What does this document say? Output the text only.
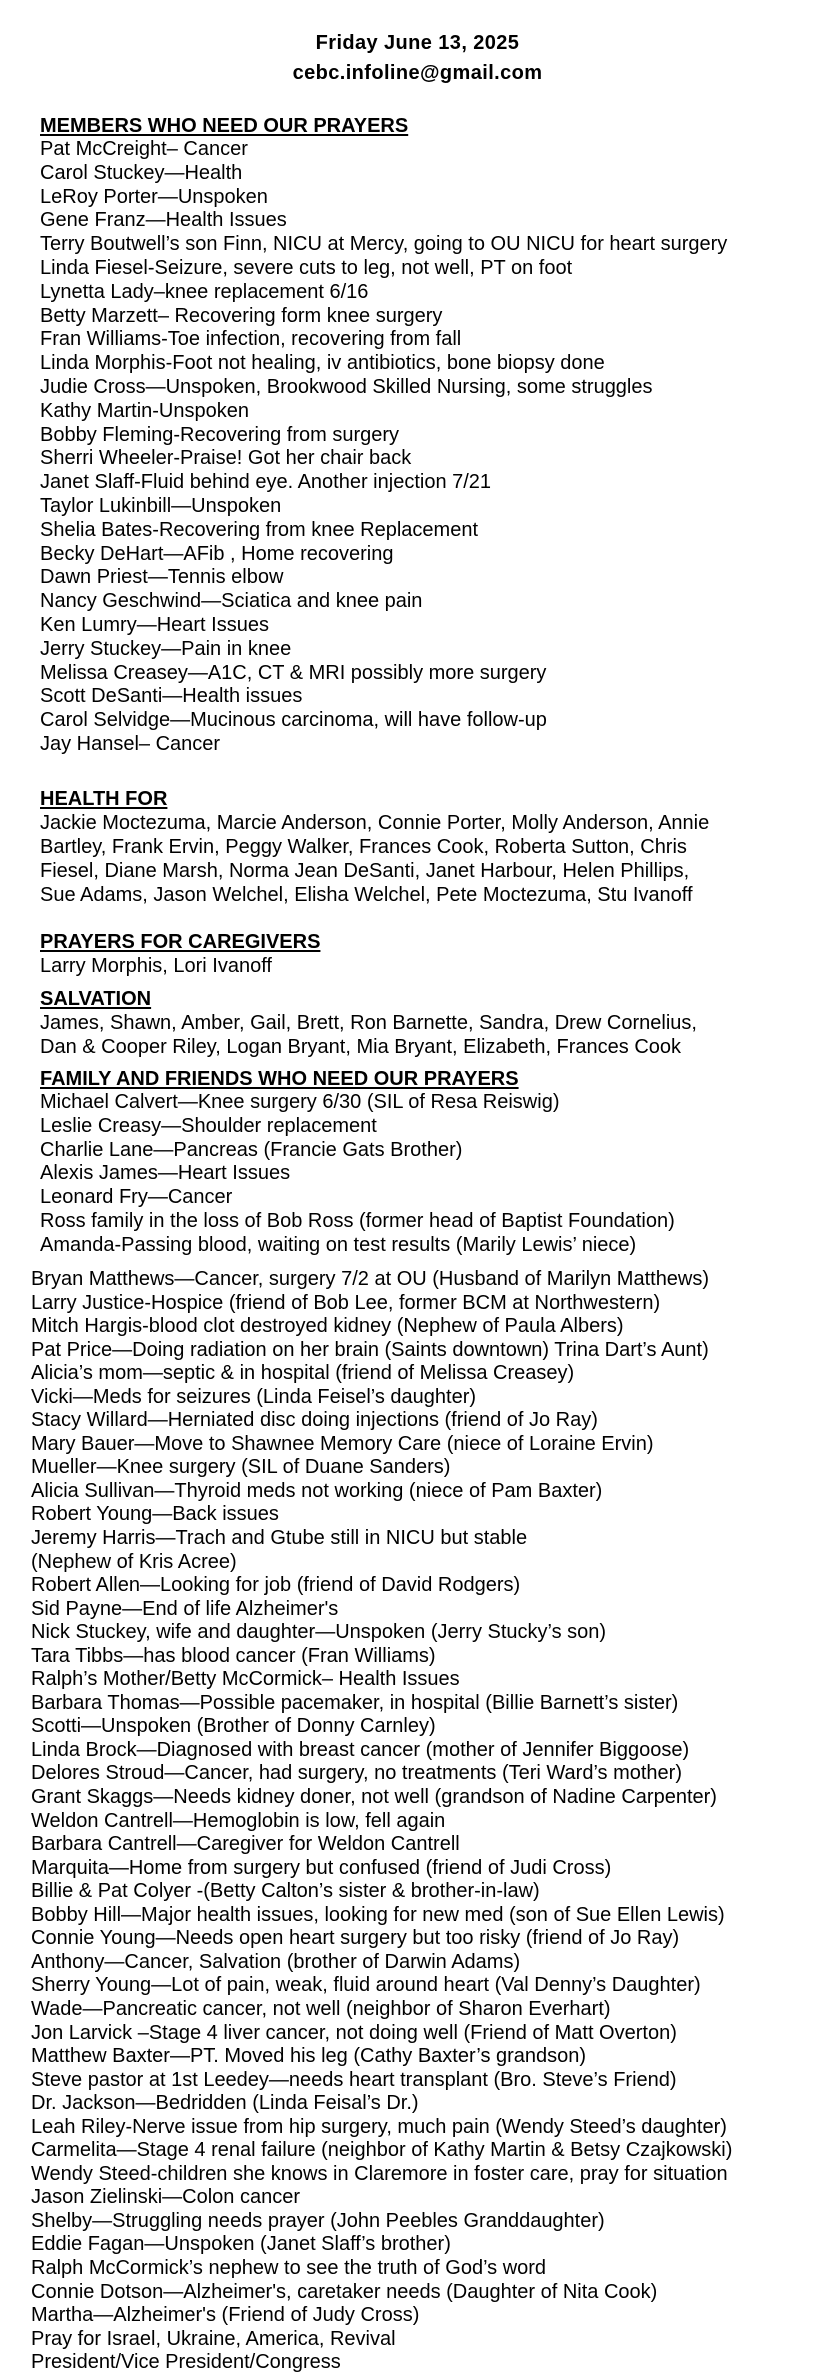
Friday June 13, 2025
cebc.infoline@gmail.com
MEMBERS WHO NEED OUR PRAYERS
Pat McCreight– Cancer
Carol Stuckey—Health
LeRoy Porter—Unspoken
Gene Franz—Health Issues
Terry Boutwell’s son Finn, NICU at Mercy, going to OU NICU for heart surgery
Linda Fiesel-Seizure, severe cuts to leg, not well, PT on foot
Lynetta Lady–knee replacement 6/16
Betty Marzett– Recovering form knee surgery
Fran Williams-Toe infection, recovering from fall
Linda Morphis-Foot not healing, iv antibiotics, bone biopsy done
Judie Cross—Unspoken, Brookwood Skilled Nursing, some struggles
Kathy Martin-Unspoken
Bobby Fleming-Recovering from surgery
Sherri Wheeler-Praise! Got her chair back
Janet Slaff-Fluid behind eye. Another injection 7/21
Taylor Lukinbill—Unspoken
Shelia Bates-Recovering from knee Replacement
Becky DeHart—AFib , Home recovering
Dawn Priest—Tennis elbow
Nancy Geschwind—Sciatica and knee pain
Ken Lumry—Heart Issues
Jerry Stuckey—Pain in knee
Melissa Creasey—A1C, CT & MRI possibly more surgery
Scott DeSanti—Health issues
Carol Selvidge—Mucinous carcinoma, will have follow-up
Jay Hansel– Cancer
HEALTH FOR
Jackie Moctezuma, Marcie Anderson, Connie Porter, Molly Anderson, Annie
Bartley, Frank Ervin, Peggy Walker, Frances Cook, Roberta Sutton, Chris
Fiesel, Diane Marsh, Norma Jean DeSanti, Janet Harbour, Helen Phillips,
Sue Adams, Jason Welchel, Elisha Welchel, Pete Moctezuma, Stu Ivanoff
PRAYERS FOR CAREGIVERS
Larry Morphis, Lori Ivanoff
SALVATION
James, Shawn, Amber, Gail, Brett, Ron Barnette, Sandra, Drew Cornelius,
Dan & Cooper Riley, Logan Bryant, Mia Bryant, Elizabeth, Frances Cook
FAMILY AND FRIENDS WHO NEED OUR PRAYERS
Michael Calvert—Knee surgery 6/30 (SIL of Resa Reiswig)
Leslie Creasy—Shoulder replacement
Charlie Lane—Pancreas (Francie Gats Brother)
Alexis James—Heart Issues
Leonard Fry—Cancer
Ross family in the loss of Bob Ross (former head of Baptist Foundation)
Amanda-Passing blood, waiting on test results (Marily Lewis’ niece)
Bryan Matthews—Cancer, surgery 7/2 at OU (Husband of Marilyn Matthews)
Larry Justice-Hospice (friend of Bob Lee, former BCM at Northwestern)
Mitch Hargis-blood clot destroyed kidney (Nephew of Paula Albers)
Pat Price—Doing radiation on her brain (Saints downtown) Trina Dart’s Aunt)
Alicia’s mom—septic & in hospital (friend of Melissa Creasey)
Vicki—Meds for seizures (Linda Feisel’s daughter)
Stacy Willard—Herniated disc doing injections (friend of Jo Ray)
Mary Bauer—Move to Shawnee Memory Care (niece of Loraine Ervin)
Mueller—Knee surgery (SIL of Duane Sanders)
Alicia Sullivan—Thyroid meds not working (niece of Pam Baxter)
Robert Young—Back issues
Jeremy Harris—Trach and Gtube still in NICU but stable
(Nephew of Kris Acree)
Robert Allen—Looking for job (friend of David Rodgers)
Sid Payne—End of life Alzheimer's
Nick Stuckey, wife and daughter—Unspoken (Jerry Stucky’s son)
Tara Tibbs—has blood cancer (Fran Williams)
Ralph’s Mother/Betty McCormick– Health Issues
Barbara Thomas—Possible pacemaker, in hospital (Billie Barnett’s sister)
Scotti—Unspoken (Brother of Donny Carnley)
Linda Brock—Diagnosed with breast cancer (mother of Jennifer Biggoose)
Delores Stroud—Cancer, had surgery, no treatments (Teri Ward’s mother)
Grant Skaggs—Needs kidney doner, not well (grandson of Nadine Carpenter)
Weldon Cantrell—Hemoglobin is low, fell again
Barbara Cantrell—Caregiver for Weldon Cantrell
Marquita—Home from surgery but confused (friend of Judi Cross)
Billie & Pat Colyer -(Betty Calton’s sister & brother-in-law)
Bobby Hill—Major health issues, looking for new med (son of Sue Ellen Lewis)
Connie Young—Needs open heart surgery but too risky (friend of Jo Ray)
Anthony—Cancer, Salvation (brother of Darwin Adams)
Sherry Young—Lot of pain, weak, fluid around heart (Val Denny’s Daughter)
Wade—Pancreatic cancer, not well (neighbor of Sharon Everhart)
Jon Larvick –Stage 4 liver cancer, not doing well (Friend of Matt Overton)
Matthew Baxter—PT. Moved his leg (Cathy Baxter’s grandson)
Steve pastor at 1st Leedey—needs heart transplant (Bro. Steve’s Friend)
Dr. Jackson—Bedridden (Linda Feisal’s Dr.)
Leah Riley-Nerve issue from hip surgery, much pain (Wendy Steed’s daughter)
Carmelita—Stage 4 renal failure (neighbor of Kathy Martin & Betsy Czajkowski)
Wendy Steed-children she knows in Claremore in foster care, pray for situation
Jason Zielinski—Colon cancer
Shelby—Struggling needs prayer (John Peebles Granddaughter)
Eddie Fagan—Unspoken (Janet Slaff’s brother)
Ralph McCormick’s nephew to see the truth of God’s word
Connie Dotson—Alzheimer's, caretaker needs (Daughter of Nita Cook)
Martha—Alzheimer's (Friend of Judy Cross)
Pray for Israel, Ukraine, America, Revival
President/Vice President/Congress
